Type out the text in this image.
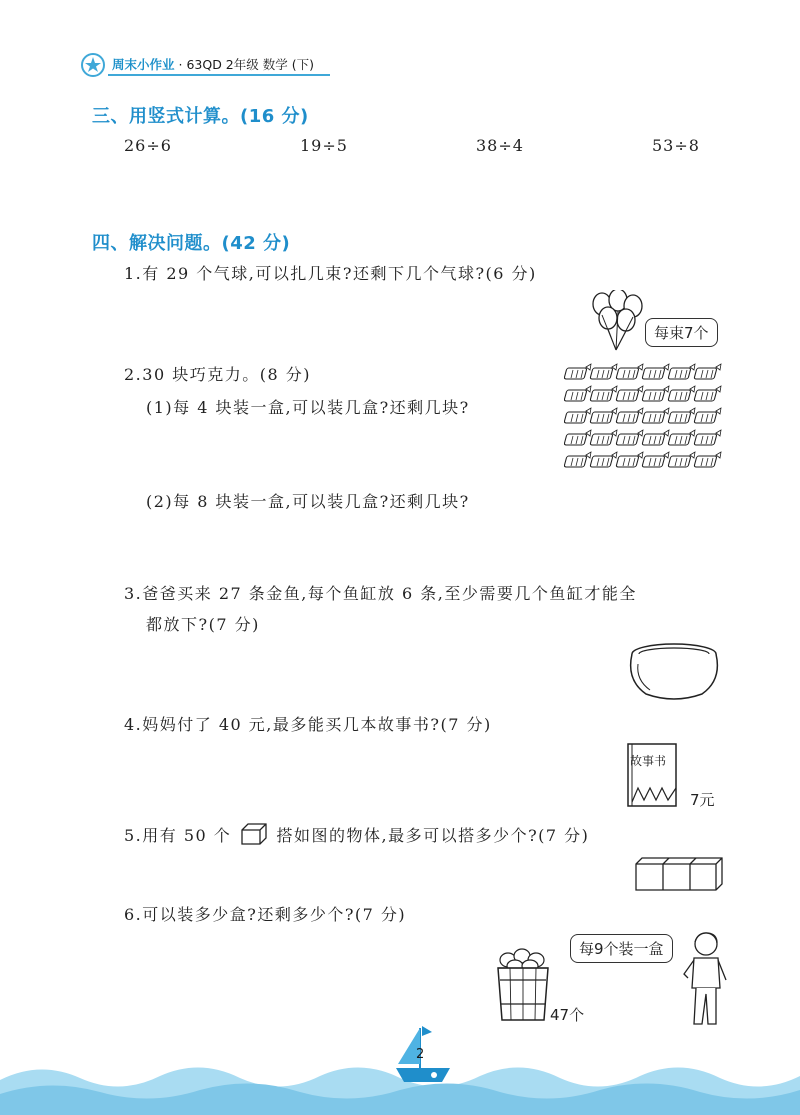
周末小作业 · 63QD 2年级 数学 (下)
三、用竖式计算。(16 分)
26÷6	19÷5	38÷4	53÷8
四、解决问题。(42 分)
1.有 29 个气球,可以扎几束?还剩下几个气球?(6 分)
每束7个
2.30 块巧克力。(8 分)
(1)每 4 块装一盒,可以装几盒?还剩几块?
(2)每 8 块装一盒,可以装几盒?还剩几块?
3.爸爸买来 27 条金鱼,每个鱼缸放 6 条,至少需要几个鱼缸才能全
都放下?(7 分)
4.妈妈付了 40 元,最多能买几本故事书?(7 分)
故事书
7元
5.用有 50 个	搭如图的物体,最多可以搭多少个?(7 分)
6.可以装多少盒?还剩多少个?(7 分)
47个
每9个装一盒
2
